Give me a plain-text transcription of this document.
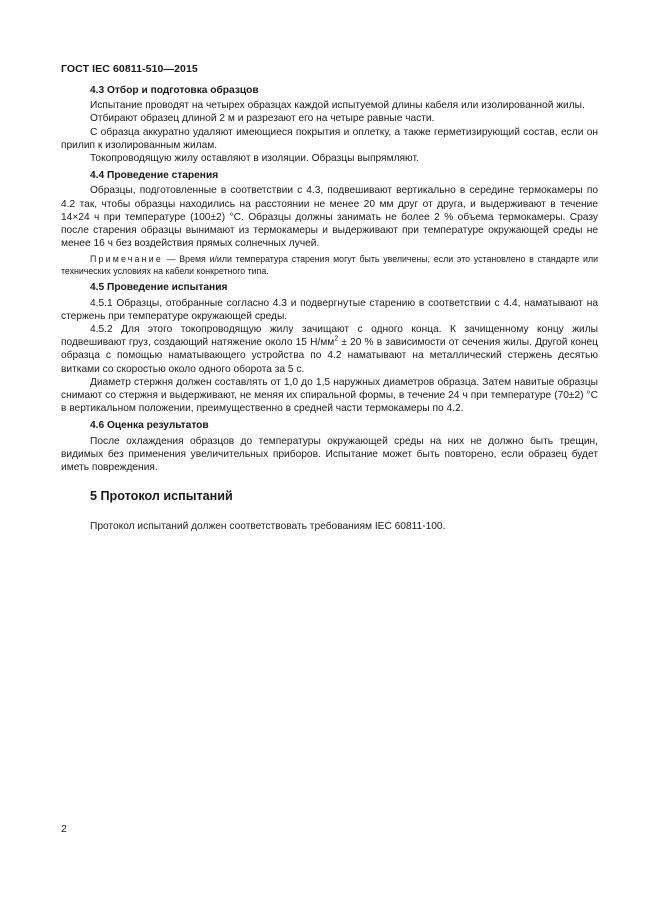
ГОСТ IEC 60811-510—2015
4.3 Отбор и подготовка образцов

Испытание проводят на четырех образцах каждой испытуемой длины кабеля или изолированной жилы.

Отбирают образец длиной 2 м и разрезают его на четыре равные части.

С образца аккуратно удаляют имеющиеся покрытия и оплетку, а также герметизирующий состав, если он прилип к изолированным жилам.

Токопроводящую жилу оставляют в изоляции. Образцы выпрямляют.

4.4 Проведение старения

Образцы, подготовленные в соответствии с 4.3, подвешивают вертикально в середине термокамеры по 4.2 так, чтобы образцы находились на расстоянии не менее 20 мм друг от друга, и выдерживают в течение 14×24 ч при температуре (100±2) °С. Образцы должны занимать не более 2 % объема термокамеры. Сразу после старения образцы вынимают из термокамеры и выдерживают при температуре окружающей среды не менее 16 ч без воздействия прямых солнечных лучей.

Примечание — Время и/или температура старения могут быть увеличены, если это установлено в стандарте или технических условиях на кабели конкретного типа.

4.5 Проведение испытания

4.5.1 Образцы, отобранные согласно 4.3 и подвергнутые старению в соответствии с 4.4, наматывают на стержень при температуре окружающей среды.

4.5.2 Для этого токопроводящую жилу зачищают с одного конца. К зачищенному концу жилы подвешивают груз, создающий натяжение около 15 $Н/мм^2 \pm 20$ % в зависимости от сечения жилы. Другой конец образца с помощью наматывающего устройства по 4.2 наматывают на металлический стержень десятью витками со скоростью около одного оборота за 5 с.

Диаметр стержня должен составлять от 1,0 до 1,5 наружных диаметров образца. Затем навитые образцы снимают со стержня и выдерживают, не меняя их спиральной формы, в течение 24 ч при температуре (70±2) °С в вертикальном положении, преимущественно в средней части термокамеры по 4.2.

4.6 Оценка результатов

После охлаждения образцов до температуры окружающей среды на них не должно быть трещин, видимых без применения увеличительных приборов. Испытание может быть повторено, если образец будет иметь повреждения.

5 Протокол испытаний

Протокол испытаний должен соответствовать требованиям IEC 60811-100.

2
